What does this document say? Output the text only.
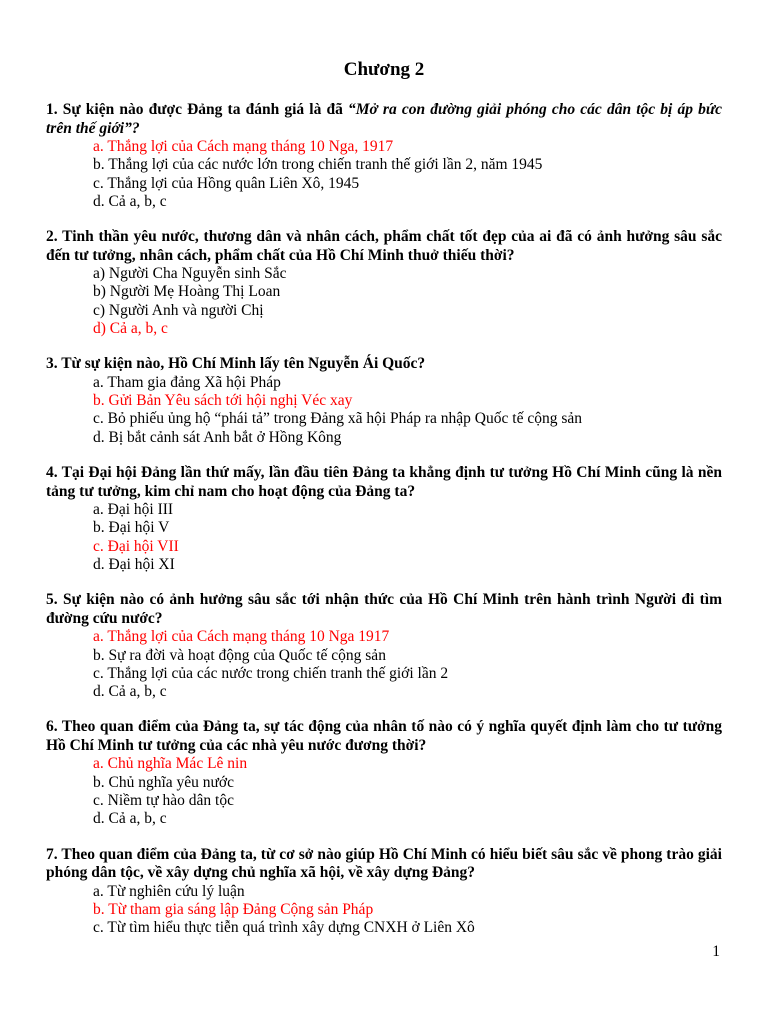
Chương 2

1. Sự kiện nào được Đảng ta đánh giá là đã “Mở ra con đường giải phóng cho các dân tộc bị áp bức trên thế giới”?

a. Thắng lợi của Cách mạng tháng 10 Nga, 1917
b. Thắng lợi của các nước lớn trong chiến tranh thế giới lần 2, năm 1945
c. Thắng lợi của Hồng quân Liên Xô, 1945
d. Cả a, b, c

2. Tinh thần yêu nước, thương dân và nhân cách, phẩm chất tốt đẹp của ai đã có ảnh hưởng sâu sắc đến tư tưởng, nhân cách, phẩm chất của Hồ Chí Minh thuở thiếu thời?

a) Người Cha Nguyễn sinh Sắc
b) Người Mẹ Hoàng Thị Loan
c) Người Anh và người Chị
d) Cả a, b, c

3. Từ sự kiện nào, Hồ Chí Minh lấy tên Nguyễn Ái Quốc?

a. Tham gia đảng Xã hội Pháp
b. Gửi Bản Yêu sách tới hội nghị Véc xay
c. Bỏ phiếu ủng hộ “phái tả” trong Đảng xã hội Pháp ra nhập Quốc tế cộng sản
d. Bị bắt cảnh sát Anh bắt ở Hồng Kông

4. Tại Đại hội Đảng lần thứ mấy, lần đầu tiên Đảng ta khẳng định tư tưởng Hồ Chí Minh cũng là nền tảng tư tưởng, kim chỉ nam cho hoạt động của Đảng ta?

a. Đại hội III
b. Đại hội V
c. Đại hội VII
d. Đại hội XI

5. Sự kiện nào có ảnh hưởng sâu sắc tới nhận thức của Hồ Chí Minh trên hành trình Người đi tìm đường cứu nước?

a. Thắng lợi của Cách mạng tháng 10 Nga 1917
b. Sự ra đời và hoạt động của Quốc tế cộng sản
c. Thắng lợi của các nước trong chiến tranh thế giới lần 2
d. Cả a, b, c

6. Theo quan điểm của Đảng ta, sự tác động của nhân tố nào có ý nghĩa quyết định làm cho tư tưởng Hồ Chí Minh tư tưởng của các nhà yêu nước đương thời?

a. Chủ nghĩa Mác Lê nin
b. Chủ nghĩa yêu nước
c. Niềm tự hào dân tộc
d. Cả a, b, c

7. Theo quan điểm của Đảng ta, từ cơ sở nào giúp Hồ Chí Minh có hiểu biết sâu sắc về phong trào giải phóng dân tộc, về xây dựng chủ nghĩa xã hội, về xây dựng Đảng?

a. Từ nghiên cứu lý luận
b. Từ tham gia sáng lập Đảng Cộng sản Pháp
c. Từ tìm hiểu thực tiễn quá trình xây dựng CNXH ở Liên Xô
1
